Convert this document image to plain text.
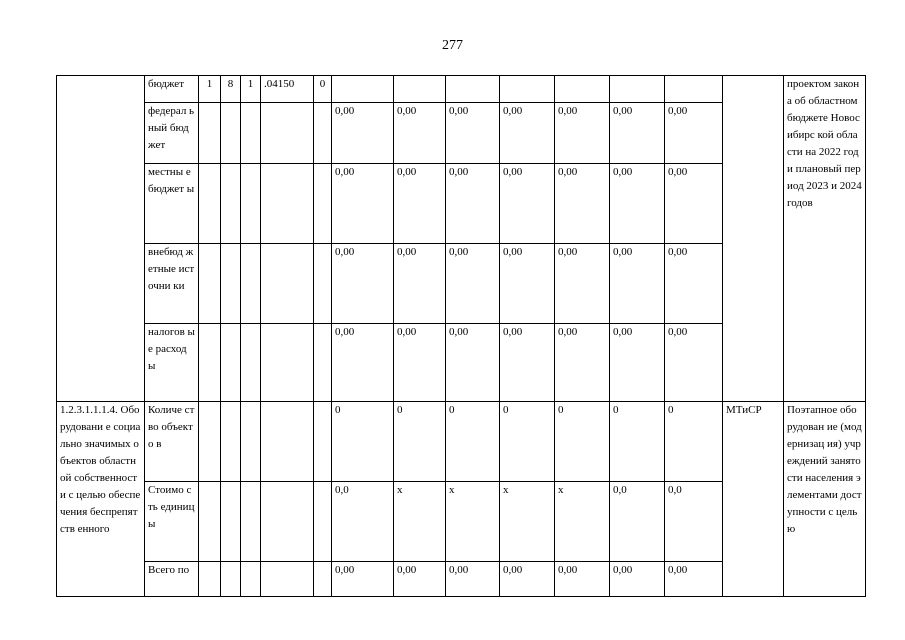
277
	бюджет	1	8	1	.04150	0									проектом закона об областном бюджете Новосибирс кой области на 2022 год и плановый период 2023 и 2024 годов
	федерал ьный бюджет						0,00	0,00	0,00	0,00	0,00	0,00	0,00		
	местны е бюджет ы						0,00	0,00	0,00	0,00	0,00	0,00	0,00		
	внебюд жетные источни ки						0,00	0,00	0,00	0,00	0,00	0,00	0,00		
	налогов ые расход ы						0,00	0,00	0,00	0,00	0,00	0,00	0,00		
1.2.3.1.1.1.4. Оборудовани е социально значимых объектов областной собственност и с целью обеспечения беспрепятств енного	Количе ство объекто в						0	0	0	0	0	0	0	МТиСР	Поэтапное оборудован ие (модернизац ия) учреждений занятости населения элементами доступности с целью
	Стоимо сть единиц ы						0,0	x	x	x	x	0,0	0,0		
	Всего по						0,00	0,00	0,00	0,00	0,00	0,00	0,00		
